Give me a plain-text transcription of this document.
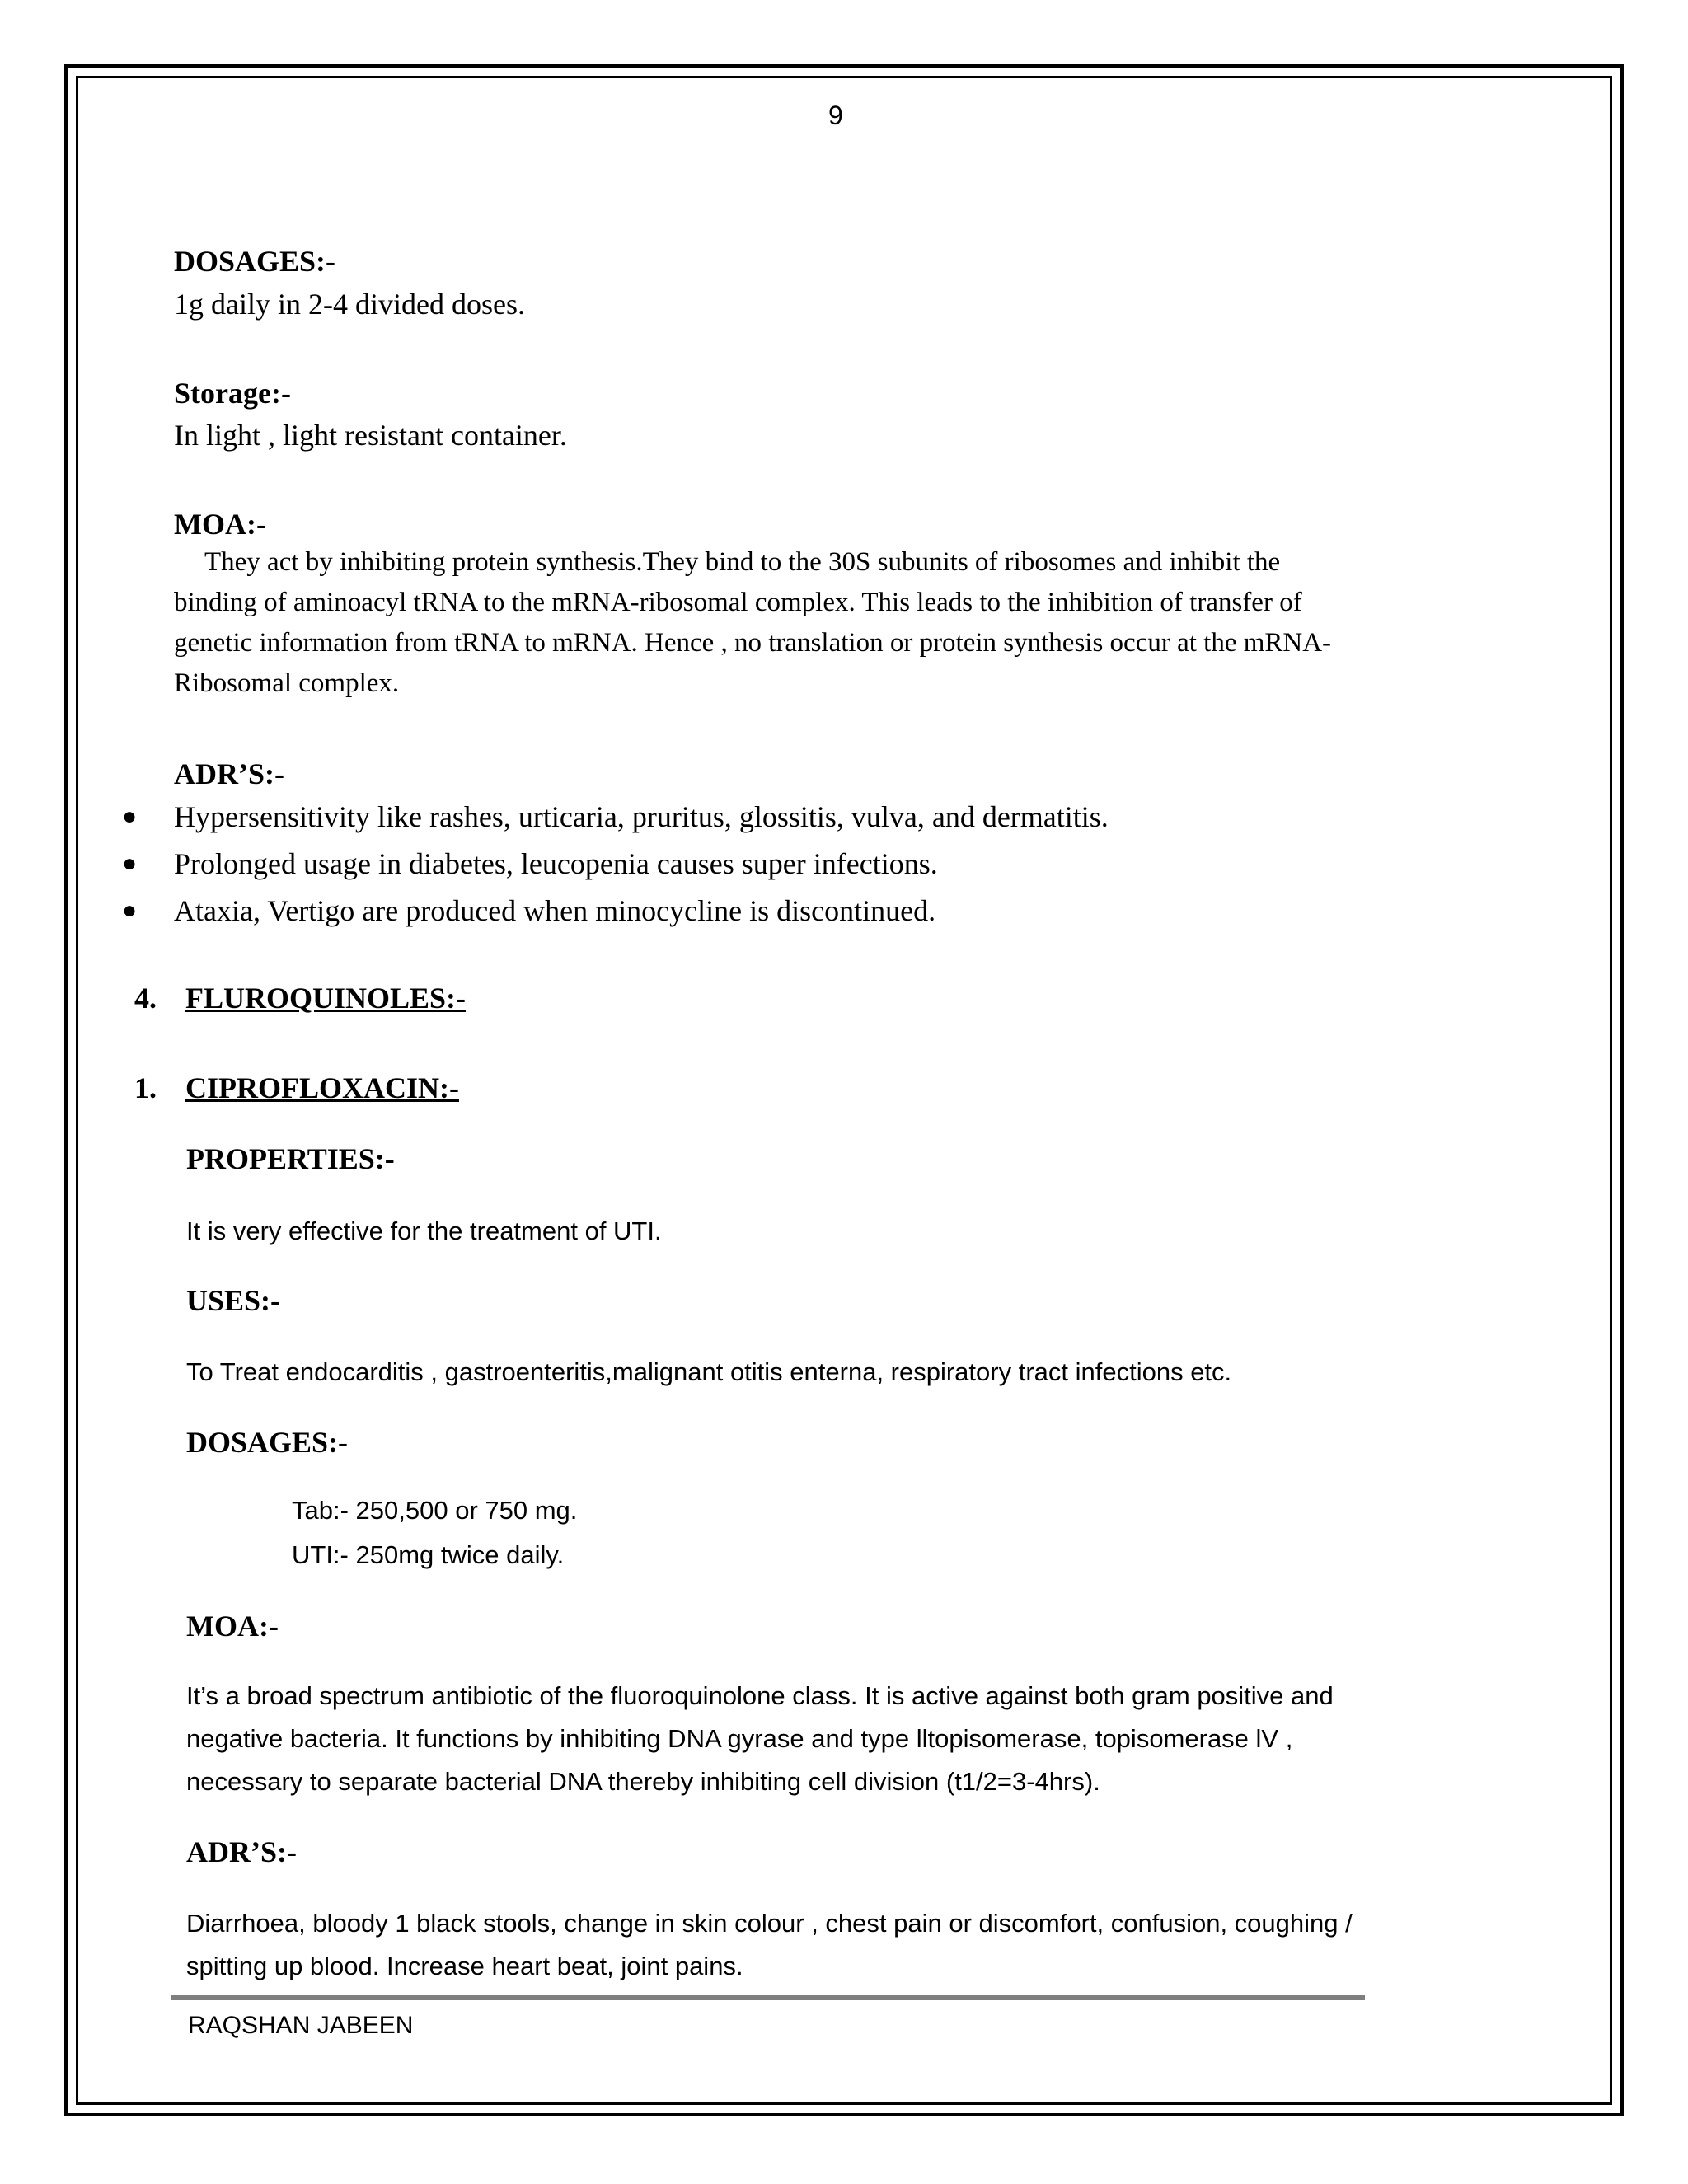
9
DOSAGES:-
1g daily in 2-4 divided doses.
Storage:-
In light , light resistant container.
MOA:-
They act by inhibiting protein synthesis.They bind to the 30S subunits of ribosomes and inhibit the
binding of aminoacyl tRNA to the mRNA-ribosomal complex. This leads to the inhibition of transfer of
genetic information from tRNA to mRNA. Hence , no translation or protein synthesis occur at the mRNA-
Ribosomal complex.
ADR’S:-
● Hypersensitivity like rashes, urticaria, pruritus, glossitis, vulva, and dermatitis.
● Prolonged usage in diabetes, leucopenia causes super infections.
● Ataxia, Vertigo are produced when minocycline is discontinued.
4. FLUROQUINOLES:-
1. CIPROFLOXACIN:-
PROPERTIES:-
It is very effective for the treatment of UTI.
USES:-
To Treat endocarditis , gastroenteritis,malignant otitis enterna, respiratory tract infections etc.
DOSAGES:-
Tab:- 250,500 or 750 mg.
UTI:- 250mg twice daily.
MOA:-
It’s a broad spectrum antibiotic of the fluoroquinolone class. It is active against both gram positive and
negative bacteria. It functions by inhibiting DNA gyrase and type lltopisomerase, topisomerase lV ,
necessary to separate bacterial DNA thereby inhibiting cell division (t1/2=3-4hrs).
ADR’S:-
Diarrhoea, bloody 1 black stools, change in skin colour , chest pain or discomfort, confusion, coughing /
spitting up blood. Increase heart beat, joint pains.
RAQSHAN JABEEN
